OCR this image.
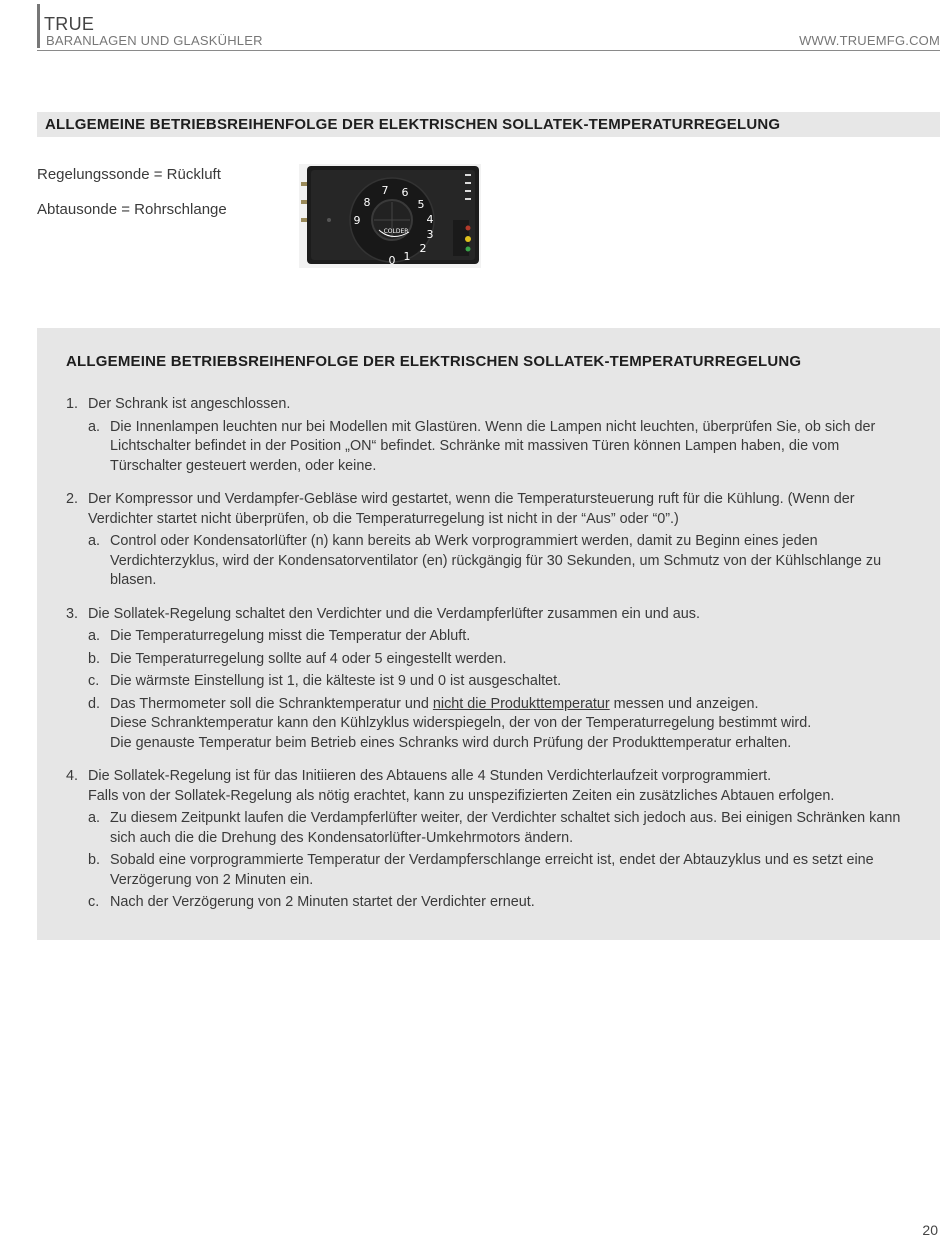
TRUE
BARANLAGEN UND GLASKÜHLER	WWW.TRUEMFG.COM
ALLGEMEINE BETRIEBSREIHENFOLGE DER ELEKTRISCHEN SOLLATEK-TEMPERATURREGELUNG
Regelungssonde = Rückluft
Abtausonde = Rohrschlange
9
8
7 6
5
4
3
2
1
0
COLDER
ALLGEMEINE BETRIEBSREIHENFOLGE DER ELEKTRISCHEN SOLLATEK-TEMPERATURREGELUNG
1. Der Schrank ist angeschlossen.
a. Die Innenlampen leuchten nur bei Modellen mit Glastüren. Wenn die Lampen nicht leuchten, überprüfen Sie, ob sich der Lichtschalter befindet in der Position „ON“ befindet. Schränke mit massiven Türen können Lampen haben, die vom Türschalter gesteuert werden, oder keine.
2. Der Kompressor und Verdampfer-Gebläse wird gestartet, wenn die Temperatursteuerung ruft für die Kühlung. (Wenn der Verdichter startet nicht überprüfen, ob die Temperaturregelung ist nicht in der “Aus” oder “0”.)
a. Control oder Kondensatorlüfter (n) kann bereits ab Werk vorprogrammiert werden, damit zu Beginn eines jeden Verdichterzyklus, wird der Kondensatorventilator (en) rückgängig für 30 Sekunden, um Schmutz von der Kühlschlange zu blasen.
3. Die Sollatek-Regelung schaltet den Verdichter und die Verdampferlüfter zusammen ein und aus.
a. Die Temperaturregelung misst die Temperatur der Abluft.
b. Die Temperaturregelung sollte auf 4 oder 5 eingestellt werden.
c. Die wärmste Einstellung ist 1, die kälteste ist 9 und 0 ist ausgeschaltet.
d. Das Thermometer soll die Schranktemperatur und nicht die Produkttemperatur messen und anzeigen.
Diese Schranktemperatur kann den Kühlzyklus widerspiegeln, der von der Temperaturregelung bestimmt wird.
Die genauste Temperatur beim Betrieb eines Schranks wird durch Prüfung der Produkttemperatur erhalten.
4. Die Sollatek-Regelung ist für das Initiieren des Abtauens alle 4 Stunden Verdichterlaufzeit vorprogrammiert.
Falls von der Sollatek-Regelung als nötig erachtet, kann zu unspezifizierten Zeiten ein zusätzliches Abtauen erfolgen.
a. Zu diesem Zeitpunkt laufen die Verdampferlüfter weiter, der Verdichter schaltet sich jedoch aus. Bei einigen Schränken kann sich auch die die Drehung des Kondensatorlüfter-Umkehrmotors ändern.
b. Sobald eine vorprogrammierte Temperatur der Verdampferschlange erreicht ist, endet der Abtauzyklus und es setzt eine Verzögerung von 2 Minuten ein.
c. Nach der Verzögerung von 2 Minuten startet der Verdichter erneut.
20
